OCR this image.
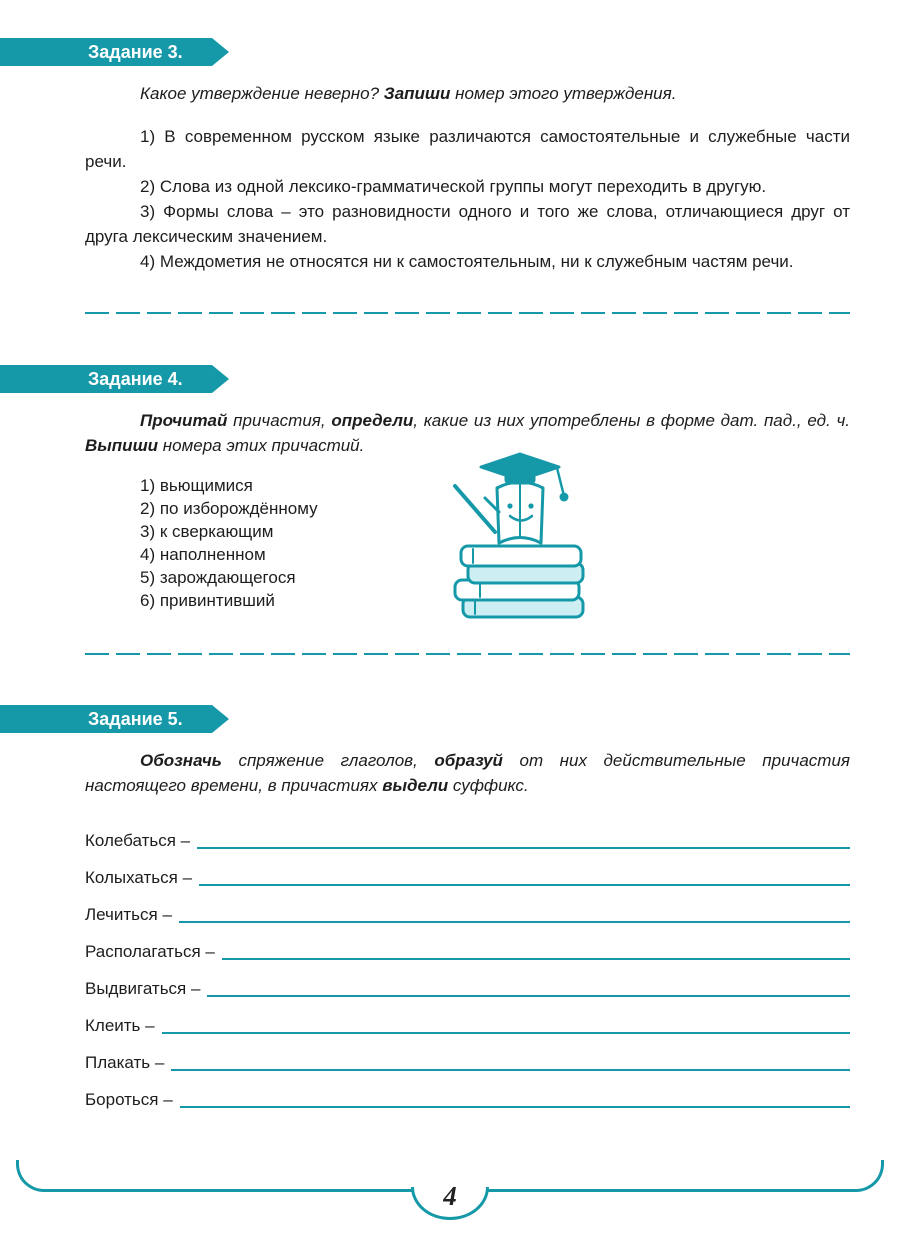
Задание 3.

Какое утверждение неверно? Запиши номер этого утверждения.

1) В современном русском языке различаются самостоятельные и служебные части речи.

2) Слова из одной лексико-грамматической группы могут переходить в другую.

3) Формы слова – это разновидности одного и того же слова, отличающиеся друг от друга лексическим значением.

4) Междометия не относятся ни к самостоятельным, ни к служебным частям речи.

Задание 4.

Прочитай причастия, определи, какие из них употреблены в форме дат. пад., ед. ч. Выпиши номера этих причастий.

1) вьющимися
2) по изборождённому
3) к сверкающим
4) наполненном
5) зарождающегося
6) привинтивший
Задание 5.

Обозначь спряжение глаголов, образуй от них действительные причастия настоящего времени, в причастиях выдели суффикс.

Колебаться –
Колыхаться –
Лечиться –
Располагаться –
Выдвигаться –
Клеить –
Плакать –
Бороться –
4
